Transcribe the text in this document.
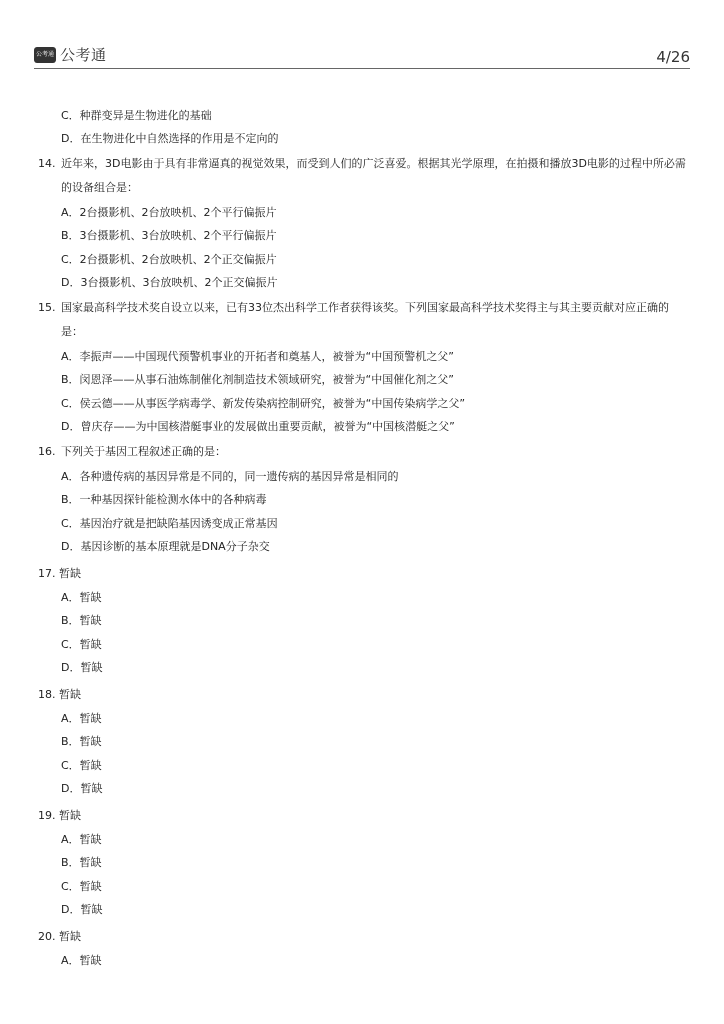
公考通 公考通	4/26
C．种群变异是生物进化的基础
D．在生物进化中自然选择的作用是不定向的
14. 近年来，3D电影由于具有非常逼真的视觉效果，而受到人们的广泛喜爱。根据其光学原理，在拍摄和播放3D电影的过程中所必需的设备组合是：
A．2台摄影机、2台放映机、2个平行偏振片
B．3台摄影机、3台放映机、2个平行偏振片
C．2台摄影机、2台放映机、2个正交偏振片
D．3台摄影机、3台放映机、2个正交偏振片
15. 国家最高科学技术奖自设立以来，已有33位杰出科学工作者获得该奖。下列国家最高科学技术奖得主与其主要贡献对应正确的是：
A．李振声——中国现代预警机事业的开拓者和奠基人，被誉为“中国预警机之父”
B．闵恩泽——从事石油炼制催化剂制造技术领域研究，被誉为“中国催化剂之父”
C．侯云德——从事医学病毒学、新发传染病控制研究，被誉为“中国传染病学之父”
D．曾庆存——为中国核潜艇事业的发展做出重要贡献，被誉为“中国核潜艇之父”
16. 下列关于基因工程叙述正确的是：
A．各种遗传病的基因异常是不同的，同一遗传病的基因异常是相同的
B．一种基因探针能检测水体中的各种病毒
C．基因治疗就是把缺陷基因诱变成正常基因
D．基因诊断的基本原理就是DNA分子杂交
17. 暂缺
A．暂缺
B．暂缺
C．暂缺
D．暂缺
18. 暂缺
A．暂缺
B．暂缺
C．暂缺
D．暂缺
19. 暂缺
A．暂缺
B．暂缺
C．暂缺
D．暂缺
20. 暂缺
A．暂缺
